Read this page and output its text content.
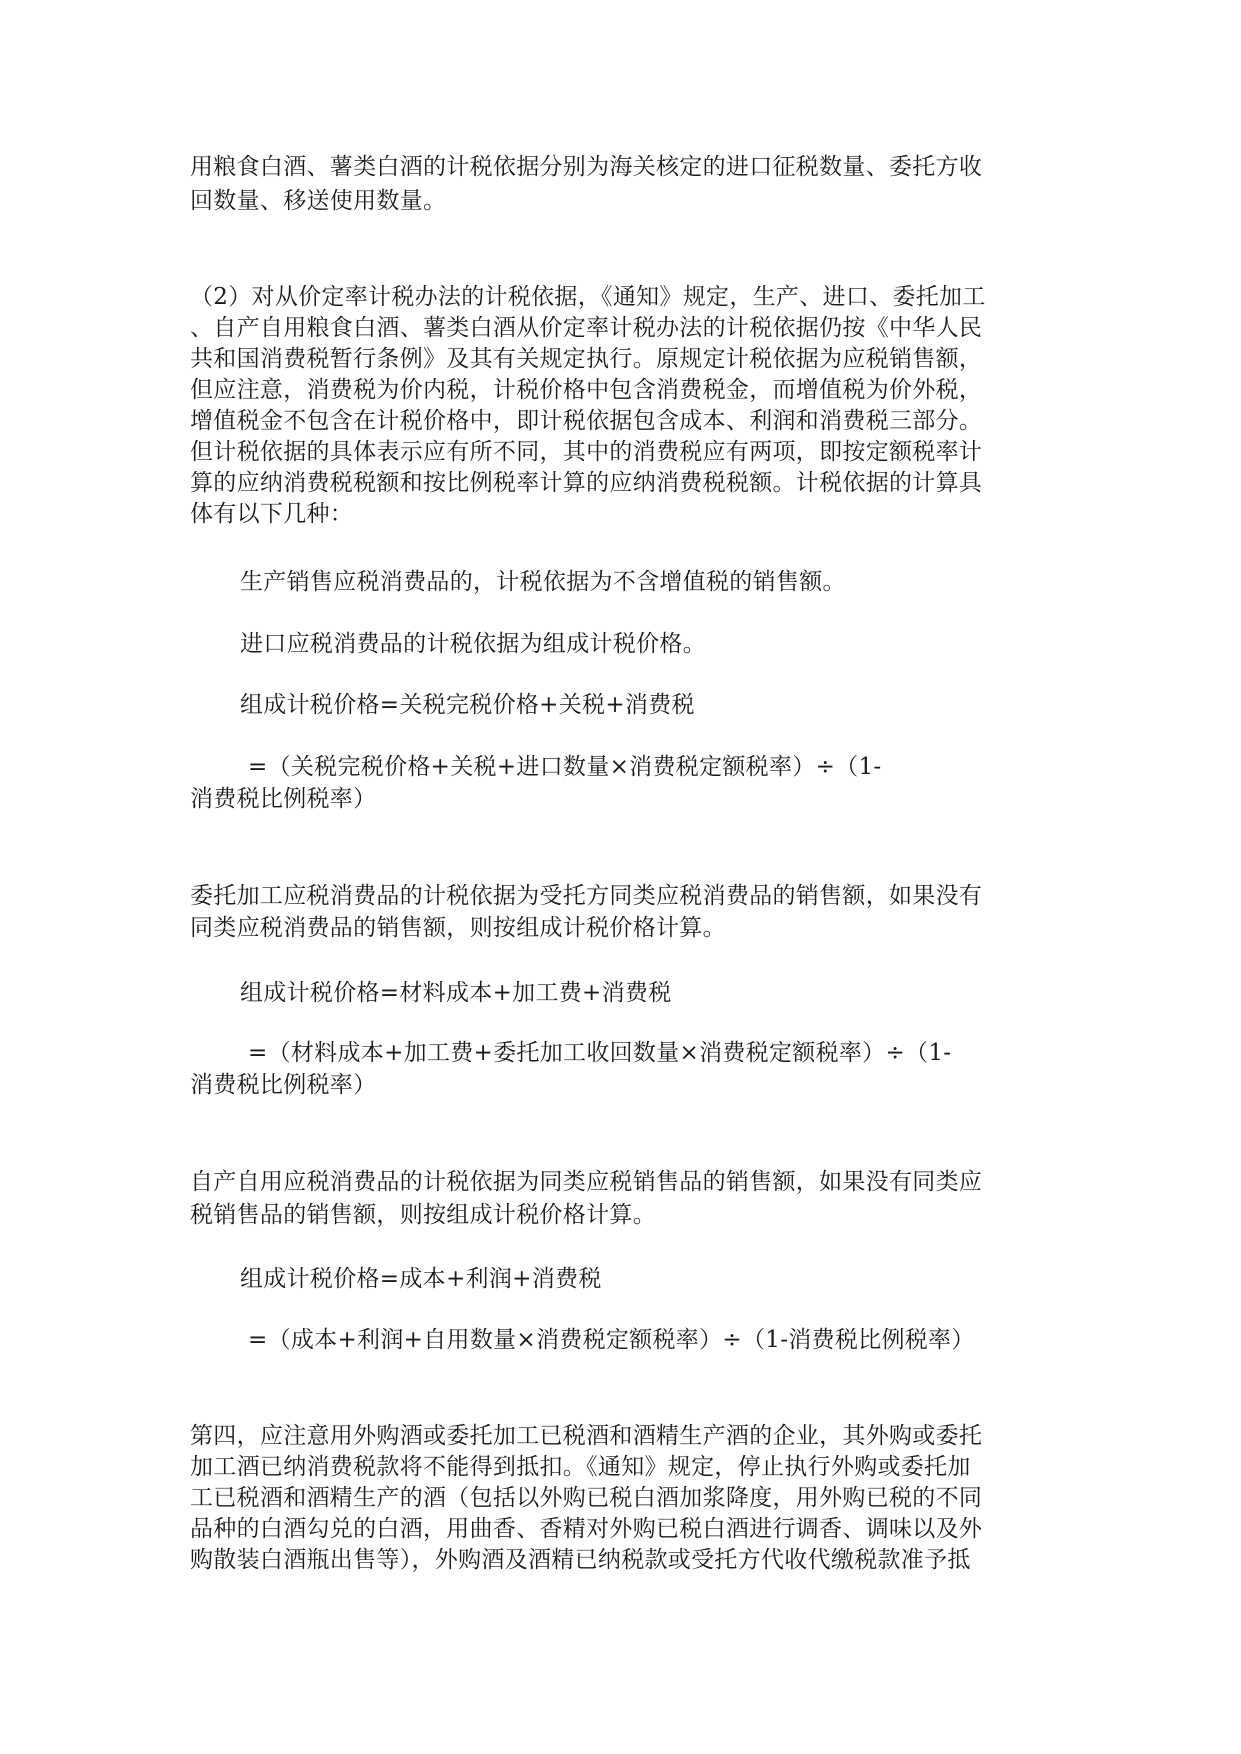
用粮食白酒、薯类白酒的计税依据分别为海关核定的进口征税数量、委托方收
回数量、移送使用数量。
（2）对从价定率计税办法的计税依据，《通知》规定，生产、进口、委托加工
、自产自用粮食白酒、薯类白酒从价定率计税办法的计税依据仍按《中华人民
共和国消费税暂行条例》及其有关规定执行。原规定计税依据为应税销售额，
但应注意，消费税为价内税，计税价格中包含消费税金，而增值税为价外税，
增值税金不包含在计税价格中，即计税依据包含成本、利润和消费税三部分。
但计税依据的具体表示应有所不同，其中的消费税应有两项，即按定额税率计
算的应纳消费税税额和按比例税率计算的应纳消费税税额。计税依据的计算具
体有以下几种：
生产销售应税消费品的，计税依据为不含增值税的销售额。
进口应税消费品的计税依据为组成计税价格。
组成计税价格=关税完税价格+关税+消费税
=（关税完税价格+关税+进口数量×消费税定额税率）÷（1-
消费税比例税率）
委托加工应税消费品的计税依据为受托方同类应税消费品的销售额，如果没有
同类应税消费品的销售额，则按组成计税价格计算。
组成计税价格=材料成本+加工费+消费税
=（材料成本+加工费+委托加工收回数量×消费税定额税率）÷（1-
消费税比例税率）
自产自用应税消费品的计税依据为同类应税销售品的销售额，如果没有同类应
税销售品的销售额，则按组成计税价格计算。
组成计税价格=成本+利润+消费税
=（成本+利润+自用数量×消费税定额税率）÷（1-消费税比例税率）
第四，应注意用外购酒或委托加工已税酒和酒精生产酒的企业，其外购或委托
加工酒已纳消费税款将不能得到抵扣。《通知》规定，停止执行外购或委托加
工已税酒和酒精生产的酒（包括以外购已税白酒加浆降度，用外购已税的不同
品种的白酒勾兑的白酒，用曲香、香精对外购已税白酒进行调香、调味以及外
购散装白酒瓶出售等），外购酒及酒精已纳税款或受托方代收代缴税款准予抵
